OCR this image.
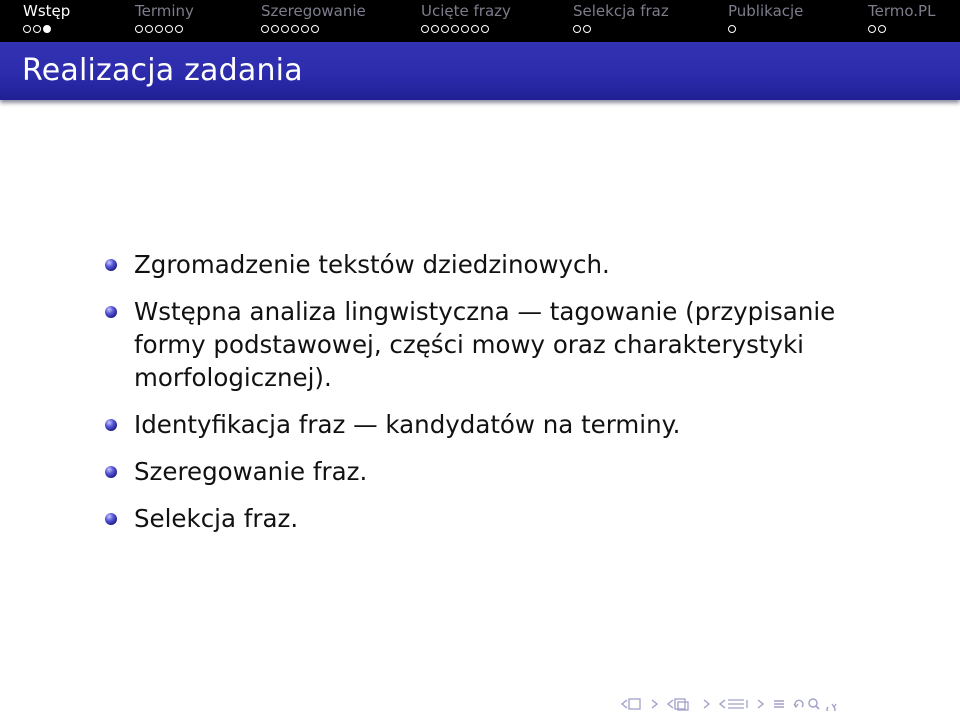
Wstęp	Terminy	Szeregowanie	Ucięte frazy	Selekcja fraz	Publikacje	Termo.PL
Realizacja zadania
Zgromadzenie tekstów dziedzinowych.
Wstępna analiza lingwistyczna — tagowanie (przypisanie formy podstawowej, części mowy oraz charakterystyki morfologicznej).
Identyfikacja fraz — kandydatów na terminy.
Szeregowanie fraz.
Selekcja fraz.
